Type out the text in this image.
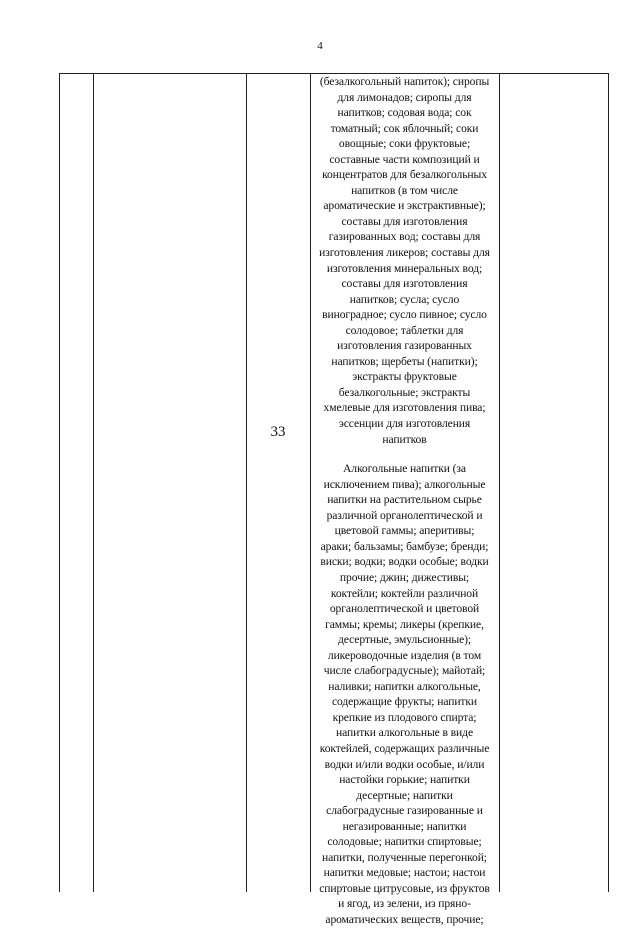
4
33
(безалкогольный напиток); сиропы
для лимонадов; сиропы для
напитков; содовая вода; сок
томатный; сок яблочный; соки
овощные; соки фруктовые;
составные части композиций и
концентратов для безалкогольных
напитков (в том числе
ароматические и экстрактивные);
составы для изготовления
газированных вод; составы для
изготовления ликеров; составы для
изготовления минеральных вод;
составы для изготовления
напитков; сусла; сусло
виноградное; сусло пивное; сусло
солодовое; таблетки для
изготовления газированных
напитков; щербеты (напитки);
экстракты фруктовые
безалкогольные; экстракты
хмелевые для изготовления пива;
эссенции для изготовления
напитков
Алкогольные напитки (за
исключением пива); алкогольные
напитки на растительном сырье
различной органолептической и
цветовой гаммы; аперитивы;
араки; бальзамы; бамбузе; бренди;
виски; водки; водки особые; водки
прочие; джин; дижестивы;
коктейли; коктейли различной
органолептической и цветовой
гаммы; кремы; ликеры (крепкие,
десертные, эмульсионные);
ликероводочные изделия (в том
числе слабоградусные); майотай;
наливки; напитки алкогольные,
содержащие фрукты; напитки
крепкие из плодового спирта;
напитки алкогольные в виде
коктейлей, содержащих различные
водки и/или водки особые, и/или
настойки горькие; напитки
десертные; напитки
слабоградусные газированные и
негазированные; напитки
солодовые; напитки спиртовые;
напитки, полученные перегонкой;
напитки медовые; настои; настои
спиртовые цитрусовые, из фруктов
и ягод, из зелени, из пряно-
ароматических веществ, прочие;
